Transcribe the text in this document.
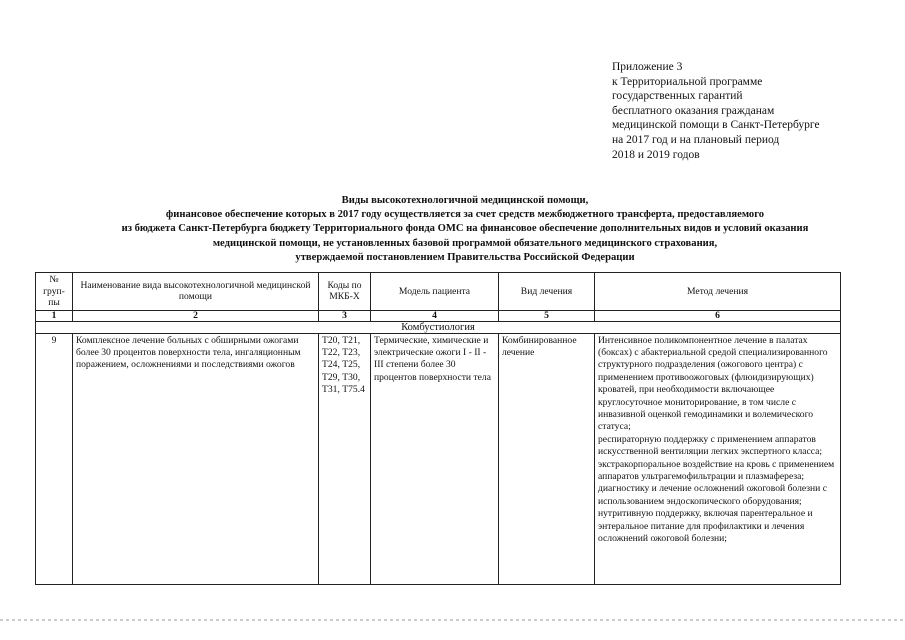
Приложение 3
к Территориальной программе
государственных гарантий
бесплатного оказания гражданам
медицинской помощи в Санкт-Петербурге
на 2017 год и на плановый период
2018 и 2019 годов
Виды высокотехнологичной медицинской помощи,
финансовое обеспечение которых в 2017 году осуществляется за счет средств межбюджетного трансферта, предоставляемого
из бюджета Санкт-Петербурга бюджету Территориального фонда ОМС на финансовое обеспечение дополнительных видов и условий оказания
медицинской помощи, не установленных базовой программой обязательного медицинского страхования,
утверждаемой постановлением Правительства Российской Федерации
№ груп-пы	Наименование вида высокотехнологичной медицинской помощи	Коды по МКБ-Х	Модель пациента	Вид лечения	Метод лечения
1	2	3	4	5	6
Комбустиология					
9	Комплексное лечение больных с обширными ожогами более 30 процентов поверхности тела, ингаляционным поражением, осложнениями и последствиями ожогов	Т20, Т21, Т22, Т23, Т24, Т25, Т29, Т30, Т31, Т75.4	Термические, химические и электрические ожоги I - II - III степени более 30 процентов поверхности тела	Комбинированное лечение	Интенсивное поликомпонентное лечение в палатах (боксах) с абактериальной средой специализированного структурного подразделения (ожогового центра) с применением противоожоговых (флюидизирующих) кроватей, при необходимости включающее круглосуточное мониторирование, в том числе с инвазивной оценкой гемодинамики и волемического статуса;
респираторную поддержку с применением аппаратов искусственной вентиляции легких экспертного класса;
экстракорпоральное воздействие на кровь с применением аппаратов ультрагемофильтрации и плазмафереза;
диагностику и лечение осложнений ожоговой болезни с использованием эндоскопического оборудования;
нутритивную поддержку, включая парентеральное и энтеральное питание для профилактики и лечения осложнений ожоговой болезни;
